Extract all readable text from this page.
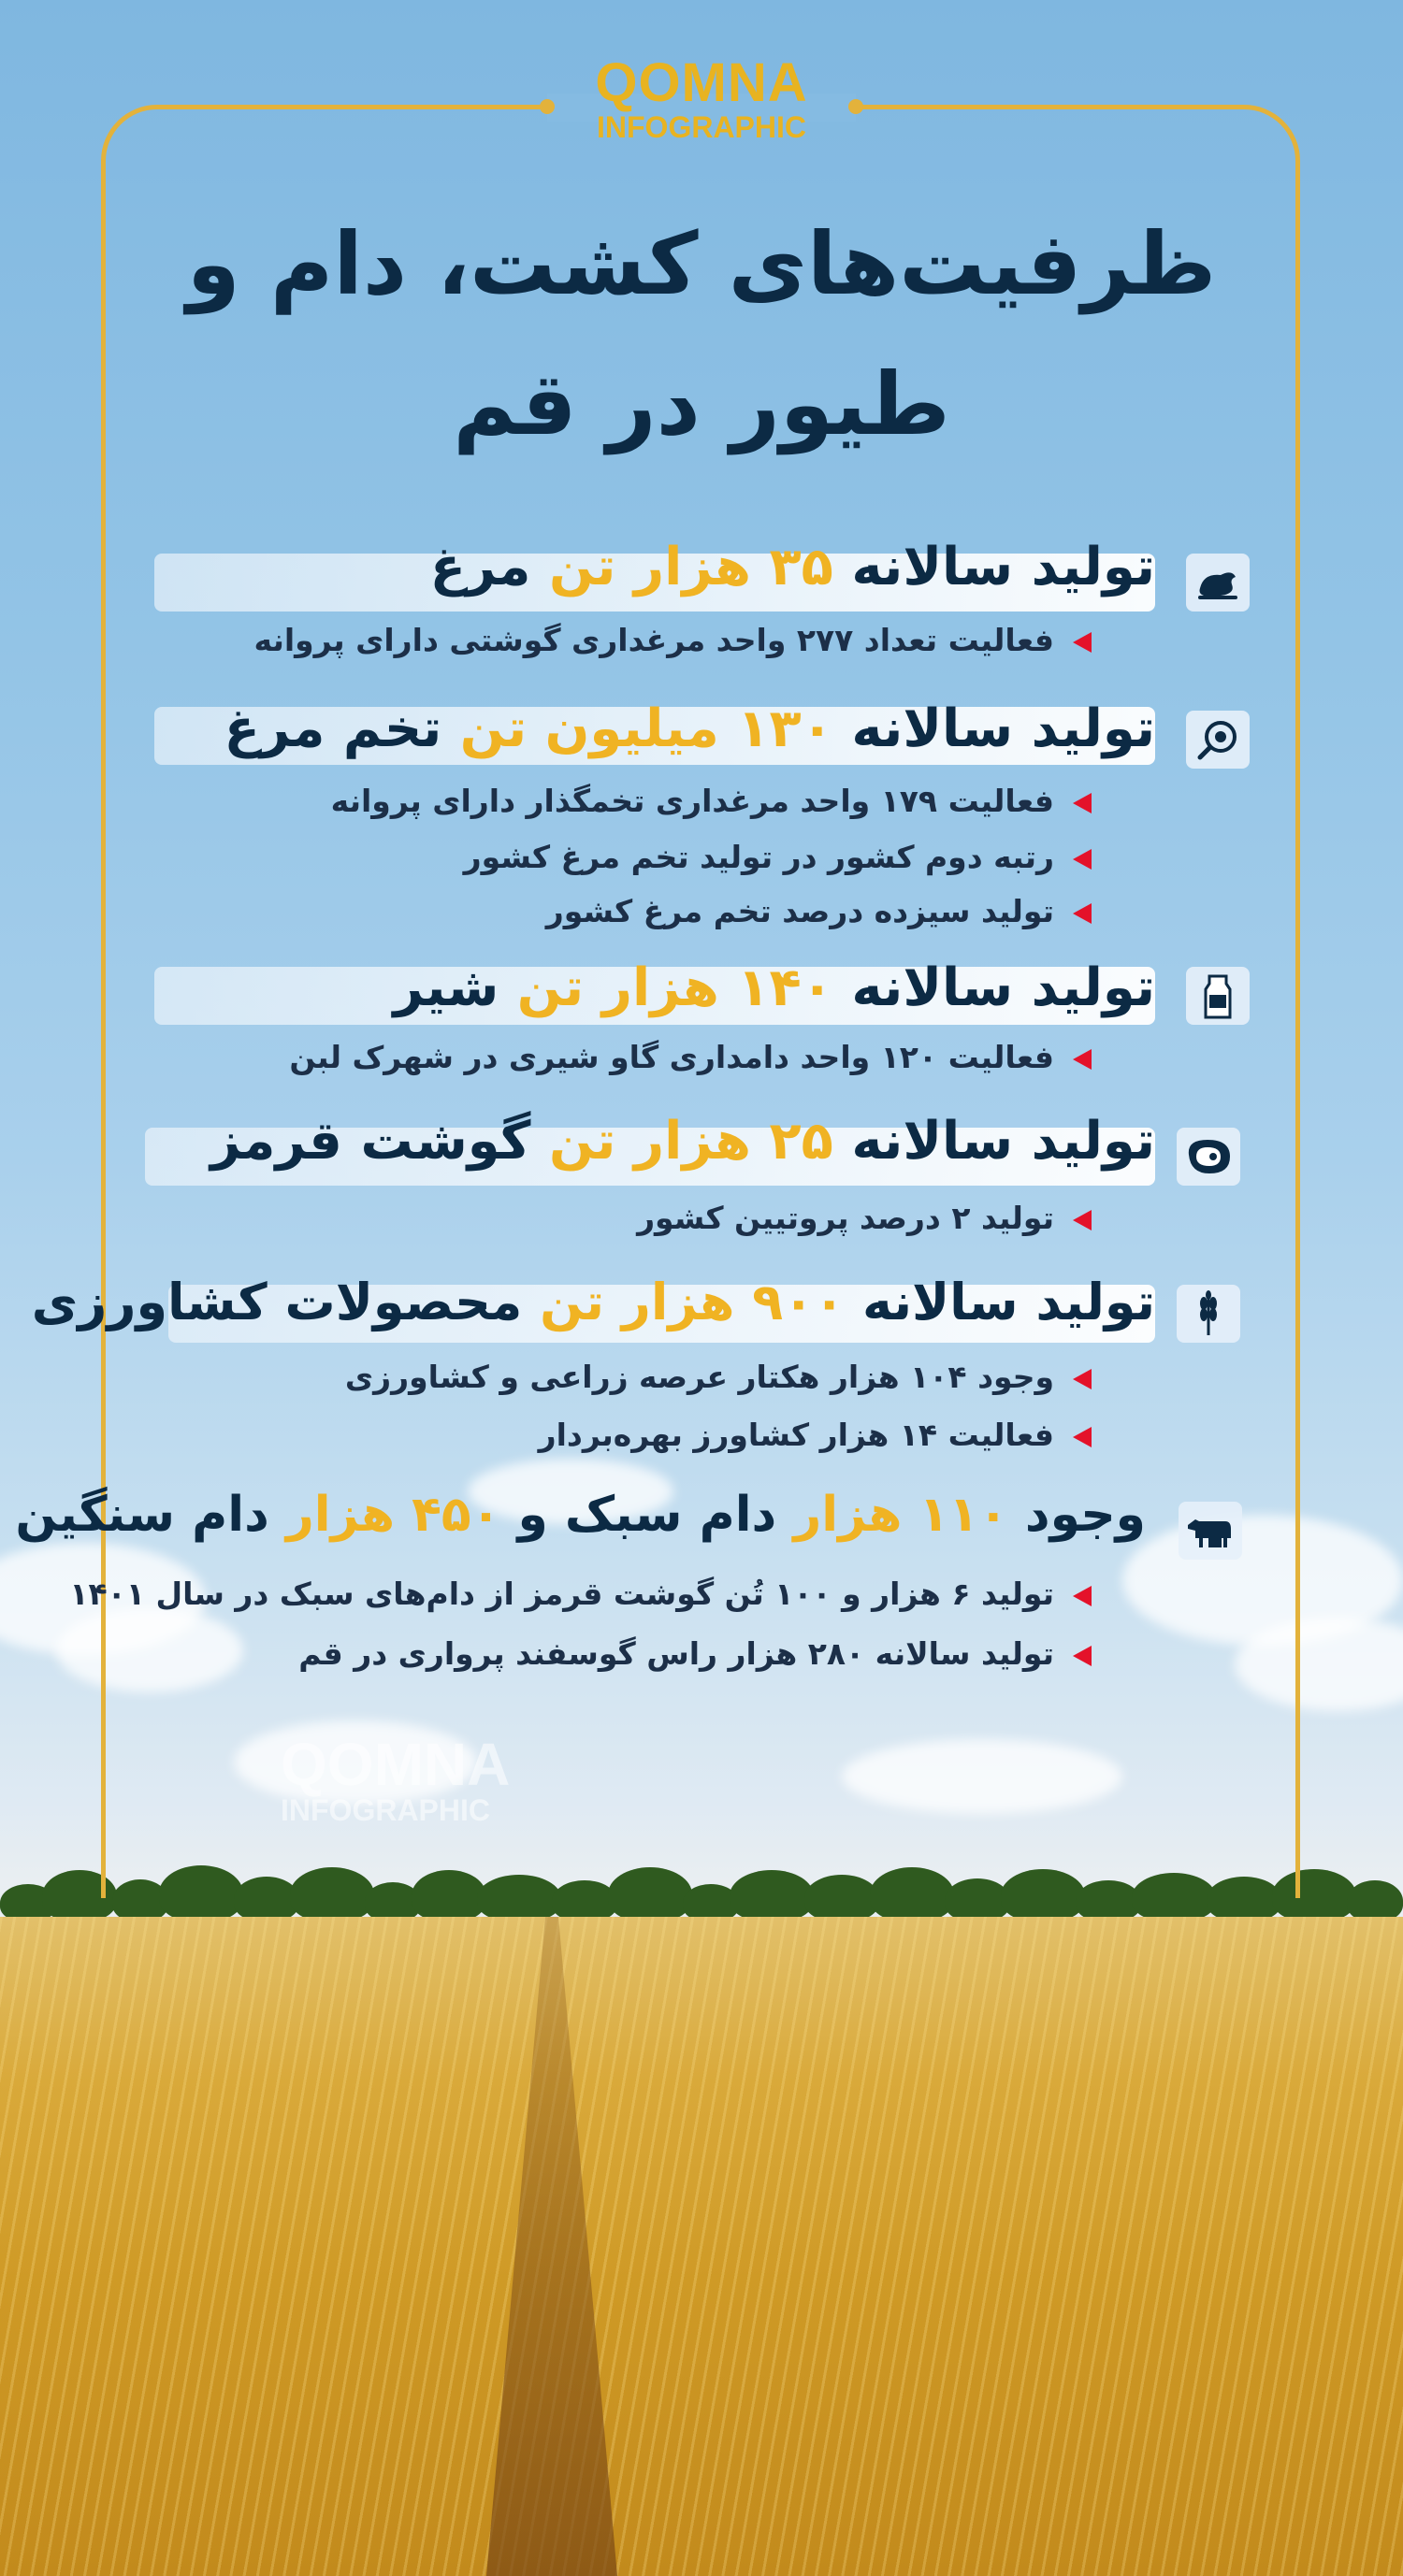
QOMNA
INFOGRAPHIC
ظرفیت‌های کشت، دام و
طیور در قم
تولید سالانه ۳۵ هزار تن مرغ
فعالیت تعداد ۲۷۷ واحد مرغداری گوشتی دارای پروانه
تولید سالانه ۱۳۰ میلیون تن تخم مرغ
فعالیت ۱۷۹ واحد مرغداری تخمگذار دارای پروانه
رتبه دوم کشور در تولید تخم مرغ کشور
تولید سیزده درصد تخم مرغ کشور
تولید سالانه ۱۴۰ هزار تن شیر
فعالیت ۱۲۰ واحد دامداری گاو شیری در شهرک لبن
تولید سالانه ۲۵ هزار تن گوشت قرمز
تولید ۲ درصد پروتیین کشور
تولید سالانه ۹۰۰ هزار تن محصولات کشاورزی
وجود ۱۰۴ هزار هکتار عرصه زراعی و کشاورزی
فعالیت ۱۴ هزار کشاورز بهره‌بردار
وجود ۱۱۰ هزار دام سبک و ۴۵۰ هزار دام سنگین
تولید ۶ هزار و ۱۰۰ تُن گوشت قرمز از دام‌های سبک در سال ۱۴۰۱
تولید سالانه ۲۸۰ هزار راس گوسفند پرواری در قم
QOMNA
INFOGRAPHIC
